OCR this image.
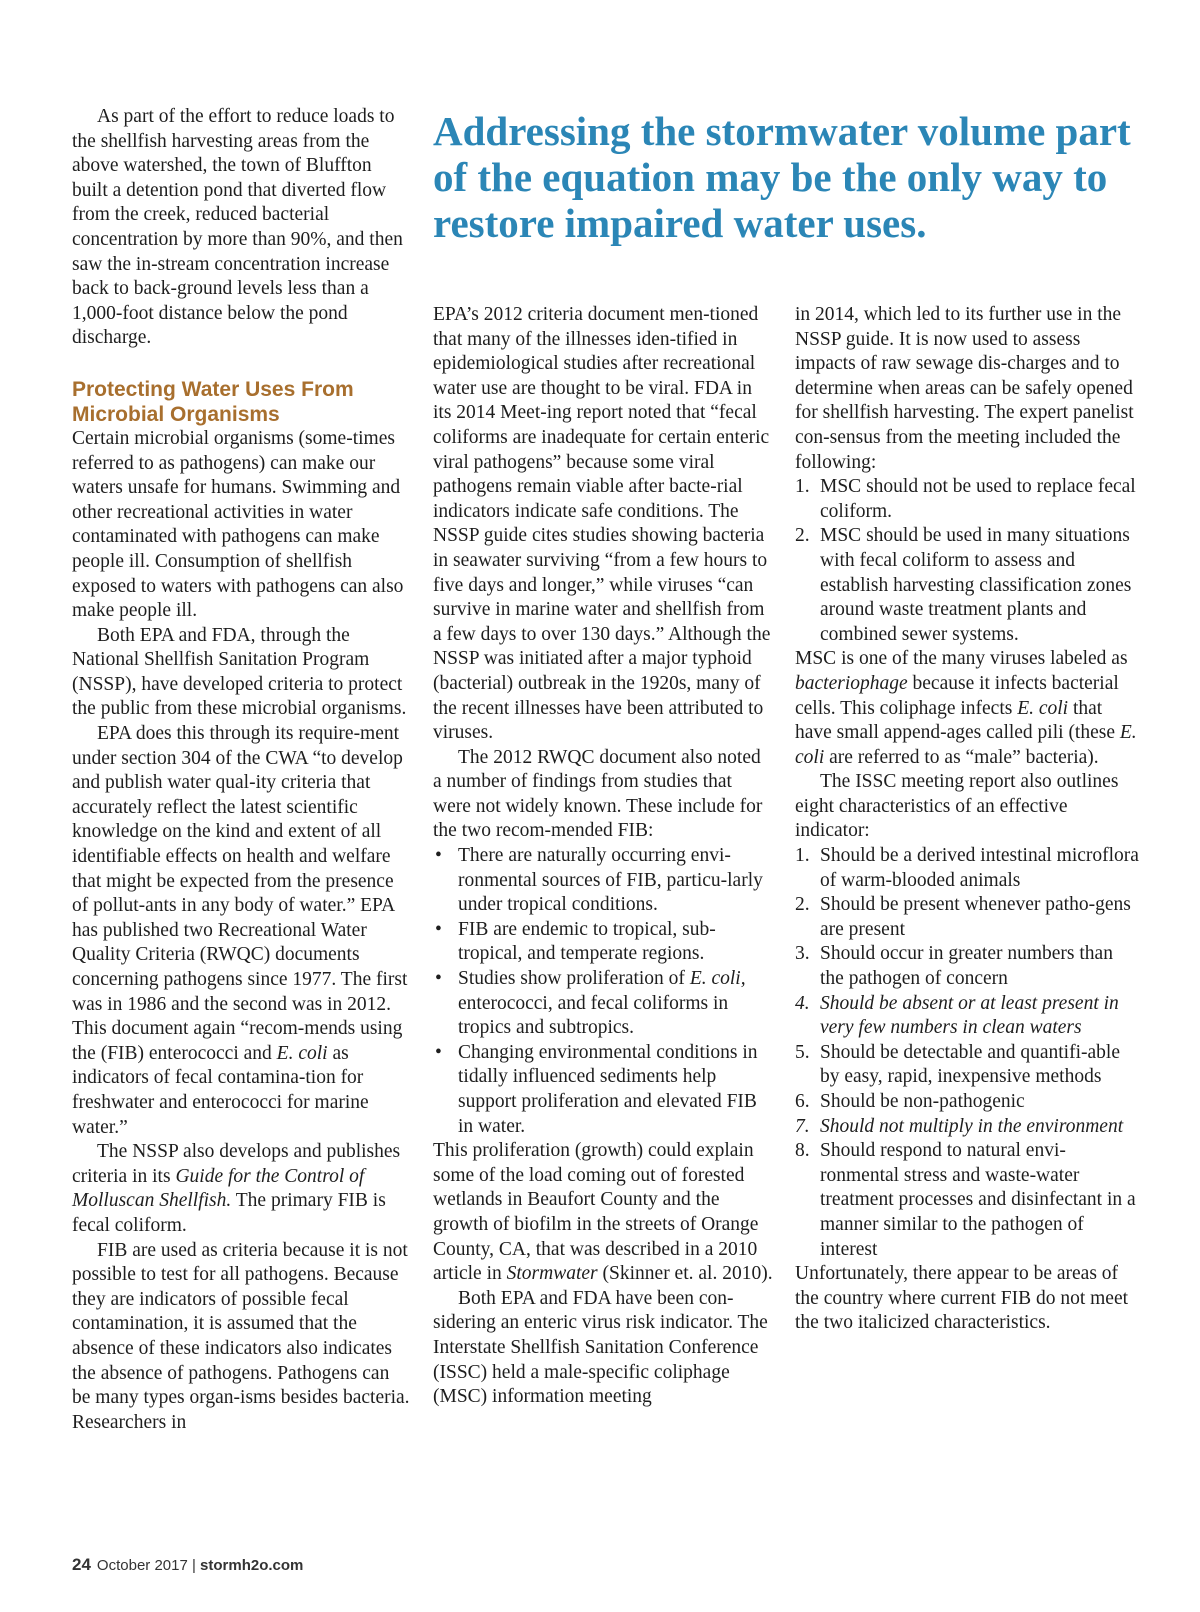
Addressing the stormwater volume part of the equation may be the only way to restore impaired water uses.

As part of the effort to reduce loads to the shellfish harvesting areas from the above watershed, the town of Bluffton built a detention pond that diverted flow from the creek, reduced bacterial concentration by more than 90%, and then saw the in-stream concentration increase back to back-ground levels less than a 1,000-foot distance below the pond discharge.

Protecting Water Uses From Microbial Organisms

Certain microbial organisms (some-times referred to as pathogens) can make our waters unsafe for humans. Swimming and other recreational activities in water contaminated with pathogens can make people ill. Consumption of shellfish exposed to waters with pathogens can also make people ill.

Both EPA and FDA, through the National Shellfish Sanitation Program (NSSP), have developed criteria to protect the public from these microbial organisms.

EPA does this through its require-ment under section 304 of the CWA “to develop and publish water qual-ity criteria that accurately reflect the latest scientific knowledge on the kind and extent of all identifiable effects on health and welfare that might be expected from the presence of pollut-ants in any body of water.” EPA has published two Recreational Water Quality Criteria (RWQC) documents concerning pathogens since 1977. The first was in 1986 and the second was in 2012. This document again “recom-mends using the (FIB) enterococci and E. coli as indicators of fecal contamina-tion for freshwater and enterococci for marine water.”

The NSSP also develops and publishes criteria in its Guide for the Control of Molluscan Shellfish. The primary FIB is fecal coliform.

FIB are used as criteria because it is not possible to test for all pathogens. Because they are indicators of possible fecal contamination, it is assumed that the absence of these indicators also indicates the absence of pathogens. Pathogens can be many types organ-isms besides bacteria. Researchers in

EPA’s 2012 criteria document men-tioned that many of the illnesses iden-tified in epidemiological studies after recreational water use are thought to be viral. FDA in its 2014 Meet-ing report noted that “fecal coliforms are inadequate for certain enteric viral pathogens” because some viral pathogens remain viable after bacte-rial indicators indicate safe conditions. The NSSP guide cites studies showing bacteria in seawater surviving “from a few hours to five days and longer,” while viruses “can survive in marine water and shellfish from a few days to over 130 days.” Although the NSSP was initiated after a major typhoid (bacterial) outbreak in the 1920s, many of the recent illnesses have been attributed to viruses.

The 2012 RWQC document also noted a number of findings from studies that were not widely known. These include for the two recom-mended FIB:

• There are naturally occurring envi-ronmental sources of FIB, particu-larly under tropical conditions.
• FIB are endemic to tropical, sub-tropical, and temperate regions.
• Studies show proliferation of E. coli, enterococci, and fecal coliforms in tropics and subtropics.
• Changing environmental conditions in tidally influenced sediments help support proliferation and elevated FIB in water.

This proliferation (growth) could explain some of the load coming out of forested wetlands in Beaufort County and the growth of biofilm in the streets of Orange County, CA, that was described in a 2010 article in Stormwater (Skinner et. al. 2010).

Both EPA and FDA have been con-sidering an enteric virus risk indicator. The Interstate Shellfish Sanitation Conference (ISSC) held a male-specific coliphage (MSC) information meeting

in 2014, which led to its further use in the NSSP guide. It is now used to assess impacts of raw sewage dis-charges and to determine when areas can be safely opened for shellfish harvesting. The expert panelist con-sensus from the meeting included the following:

1. MSC should not be used to replace fecal coliform.
2. MSC should be used in many situations with fecal coliform to assess and establish harvesting classification zones around waste treatment plants and combined sewer systems.

MSC is one of the many viruses labeled as bacteriophage because it infects bacterial cells. This coliphage infects E. coli that have small append-ages called pili (these E. coli are referred to as “male” bacteria).

The ISSC meeting report also outlines eight characteristics of an effective indicator:

1. Should be a derived intestinal microflora of warm-blooded animals
2. Should be present whenever patho-gens are present
3. Should occur in greater numbers than the pathogen of concern
4. Should be absent or at least present in very few numbers in clean waters
5. Should be detectable and quantifi-able by easy, rapid, inexpensive methods
6. Should be non-pathogenic
7. Should not multiply in the environment
8. Should respond to natural envi-ronmental stress and waste-water treatment processes and disinfectant in a manner similar to the pathogen of interest

Unfortunately, there appear to be areas of the country where current FIB do not meet the two italicized characteristics.

24 October 2017 | stormh2o.com
